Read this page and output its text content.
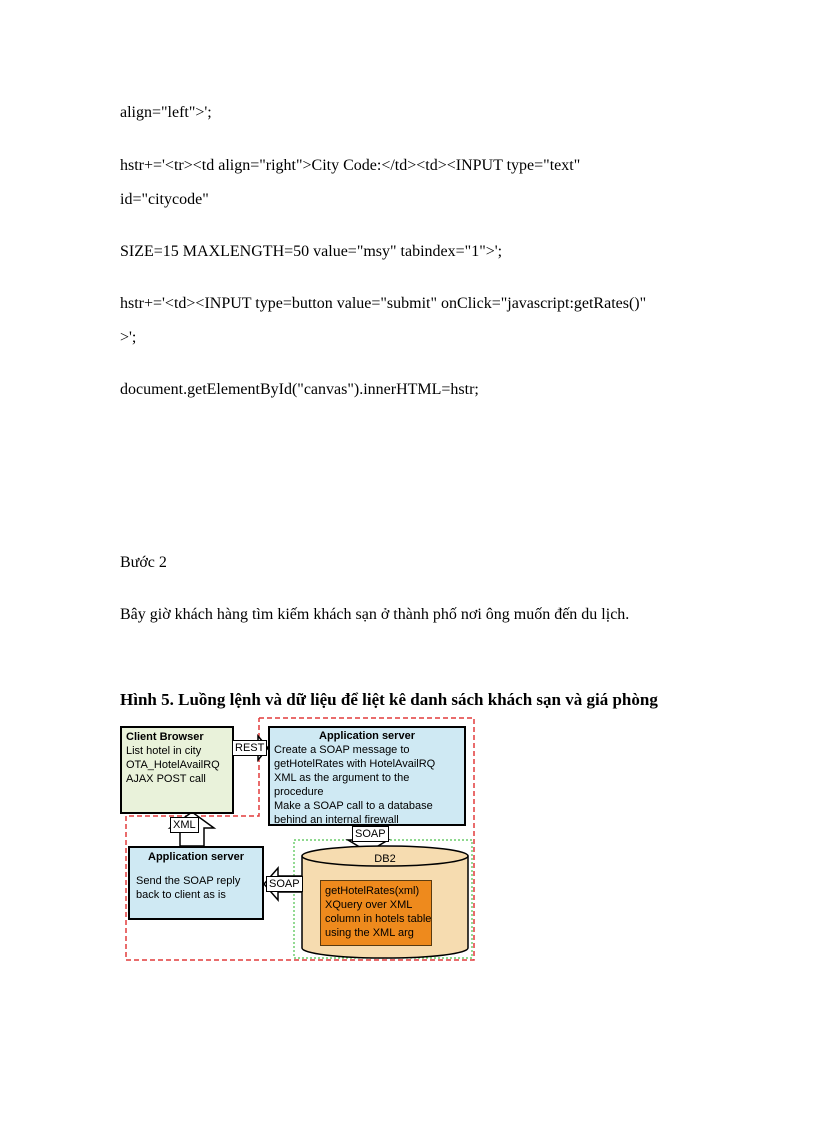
align="left">';
hstr+='<tr><td align="right">City Code:</td><td><INPUT type="text"
id="citycode"
SIZE=15 MAXLENGTH=50 value="msy" tabindex="1">';
hstr+='<td><INPUT type=button value="submit" onClick="javascript:getRates()"
>';
document.getElementById("canvas").innerHTML=hstr;
Bước 2
Bây giờ khách hàng tìm kiếm khách sạn ở thành phố nơi ông muốn đến du lịch.
Hình 5. Luồng lệnh và dữ liệu để liệt kê danh sách khách sạn và giá phòng
Client Browser
List hotel in city
OTA_HotelAvailRQ
AJAX POST call
Application server
Create a SOAP message to
getHotelRates with HotelAvailRQ
XML as the argument to the
procedure
Make a SOAP call to a database
behind an internal firewall
Application server
Send the SOAP reply
back to client as is
DB2
getHotelRates(xml)
XQuery over XML
column in hotels table
using the XML arg
REST
XML
SOAP
SOAP
